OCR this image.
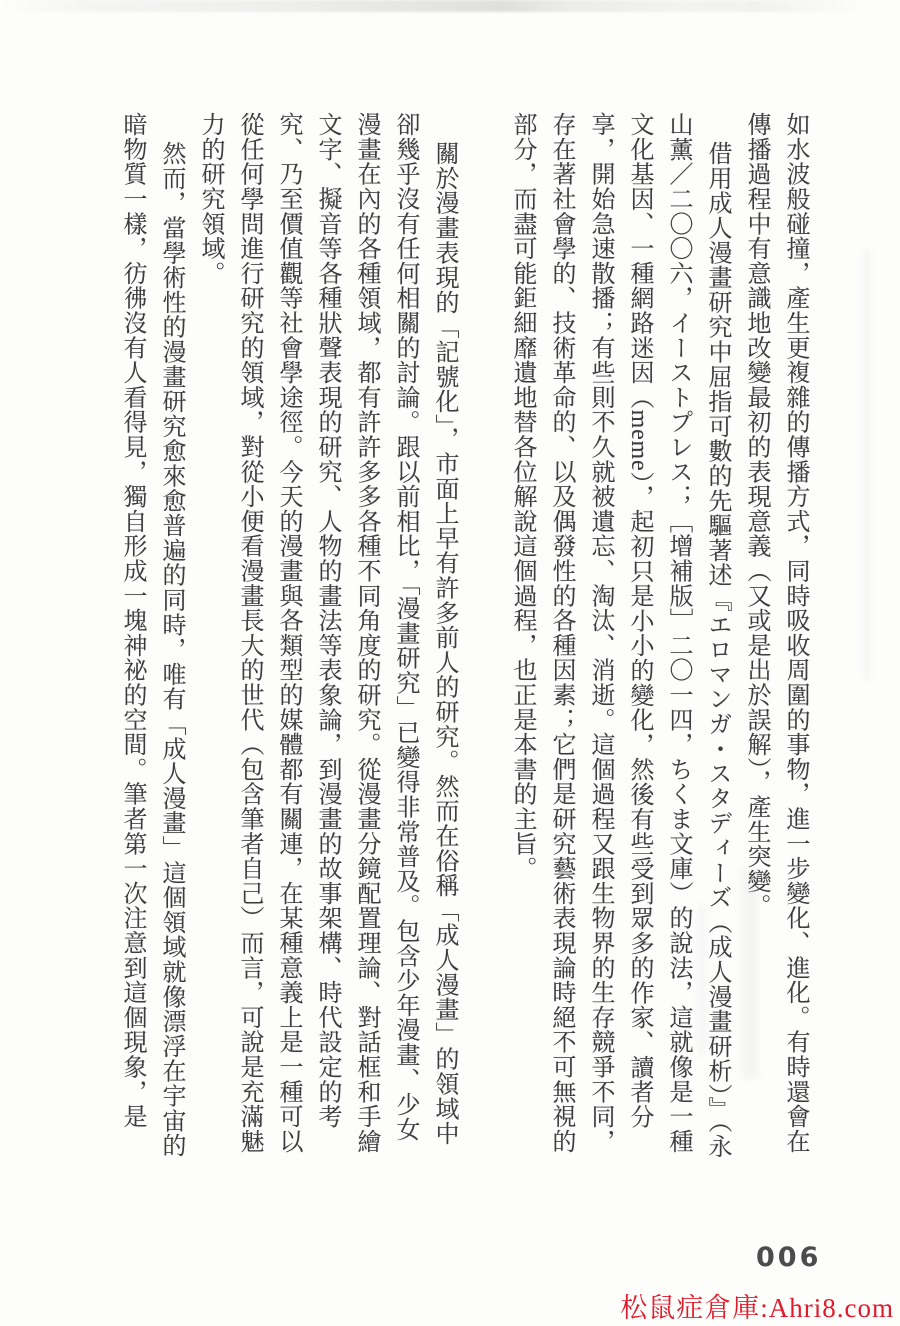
如水波般碰撞，產生更複雜的傳播方式，同時吸收周圍的事物，進一步變化、進化。有時還會在傳播過程中有意識地改變最初的表現意義（又或是出於誤解），產生突變。

借用成人漫畫研究中屈指可數的先驅著述『エロマンガ・スタディーズ（成人漫畫研析）』（永山薰／二〇〇六，イーストプレス；［增補版］二〇一四，ちくま文庫）的說法，這就像是一種文化基因、一種網路迷因（meme），起初只是小小的變化，然後有些受到眾多的作家、讀者分享，開始急速散播；有些則不久就被遺忘、淘汰、消逝。這個過程又跟生物界的生存競爭不同，存在著社會學的、技術革命的、以及偶發性的各種因素；它們是研究藝術表現論時絕不可無視的部分，而盡可能鉅細靡遺地替各位解說這個過程，也正是本書的主旨。

關於漫畫表現的「記號化」，市面上早有許多前人的研究。然而在俗稱「成人漫畫」的領域中卻幾乎沒有任何相關的討論。跟以前相比，「漫畫研究」已變得非常普及。包含少年漫畫、少女漫畫在內的各種領域，都有許許多多各種不同角度的研究。從漫畫分鏡配置理論、對話框和手繪文字、擬音等各種狀聲表現的研究、人物的畫法等表象論，到漫畫的故事架構、時代設定的考究、乃至價值觀等社會學途徑。今天的漫畫與各類型的媒體都有關連，在某種意義上是一種可以從任何學問進行研究的領域，對從小便看漫畫長大的世代（包含筆者自己）而言，可說是充滿魅力的研究領域。

然而，當學術性的漫畫研究愈來愈普遍的同時，唯有「成人漫畫」這個領域就像漂浮在宇宙的暗物質一樣，彷彿沒有人看得見，獨自形成一塊神祕的空間。筆者第一次注意到這個現象，是

006
松鼠症倉庫:Ahri8.com
